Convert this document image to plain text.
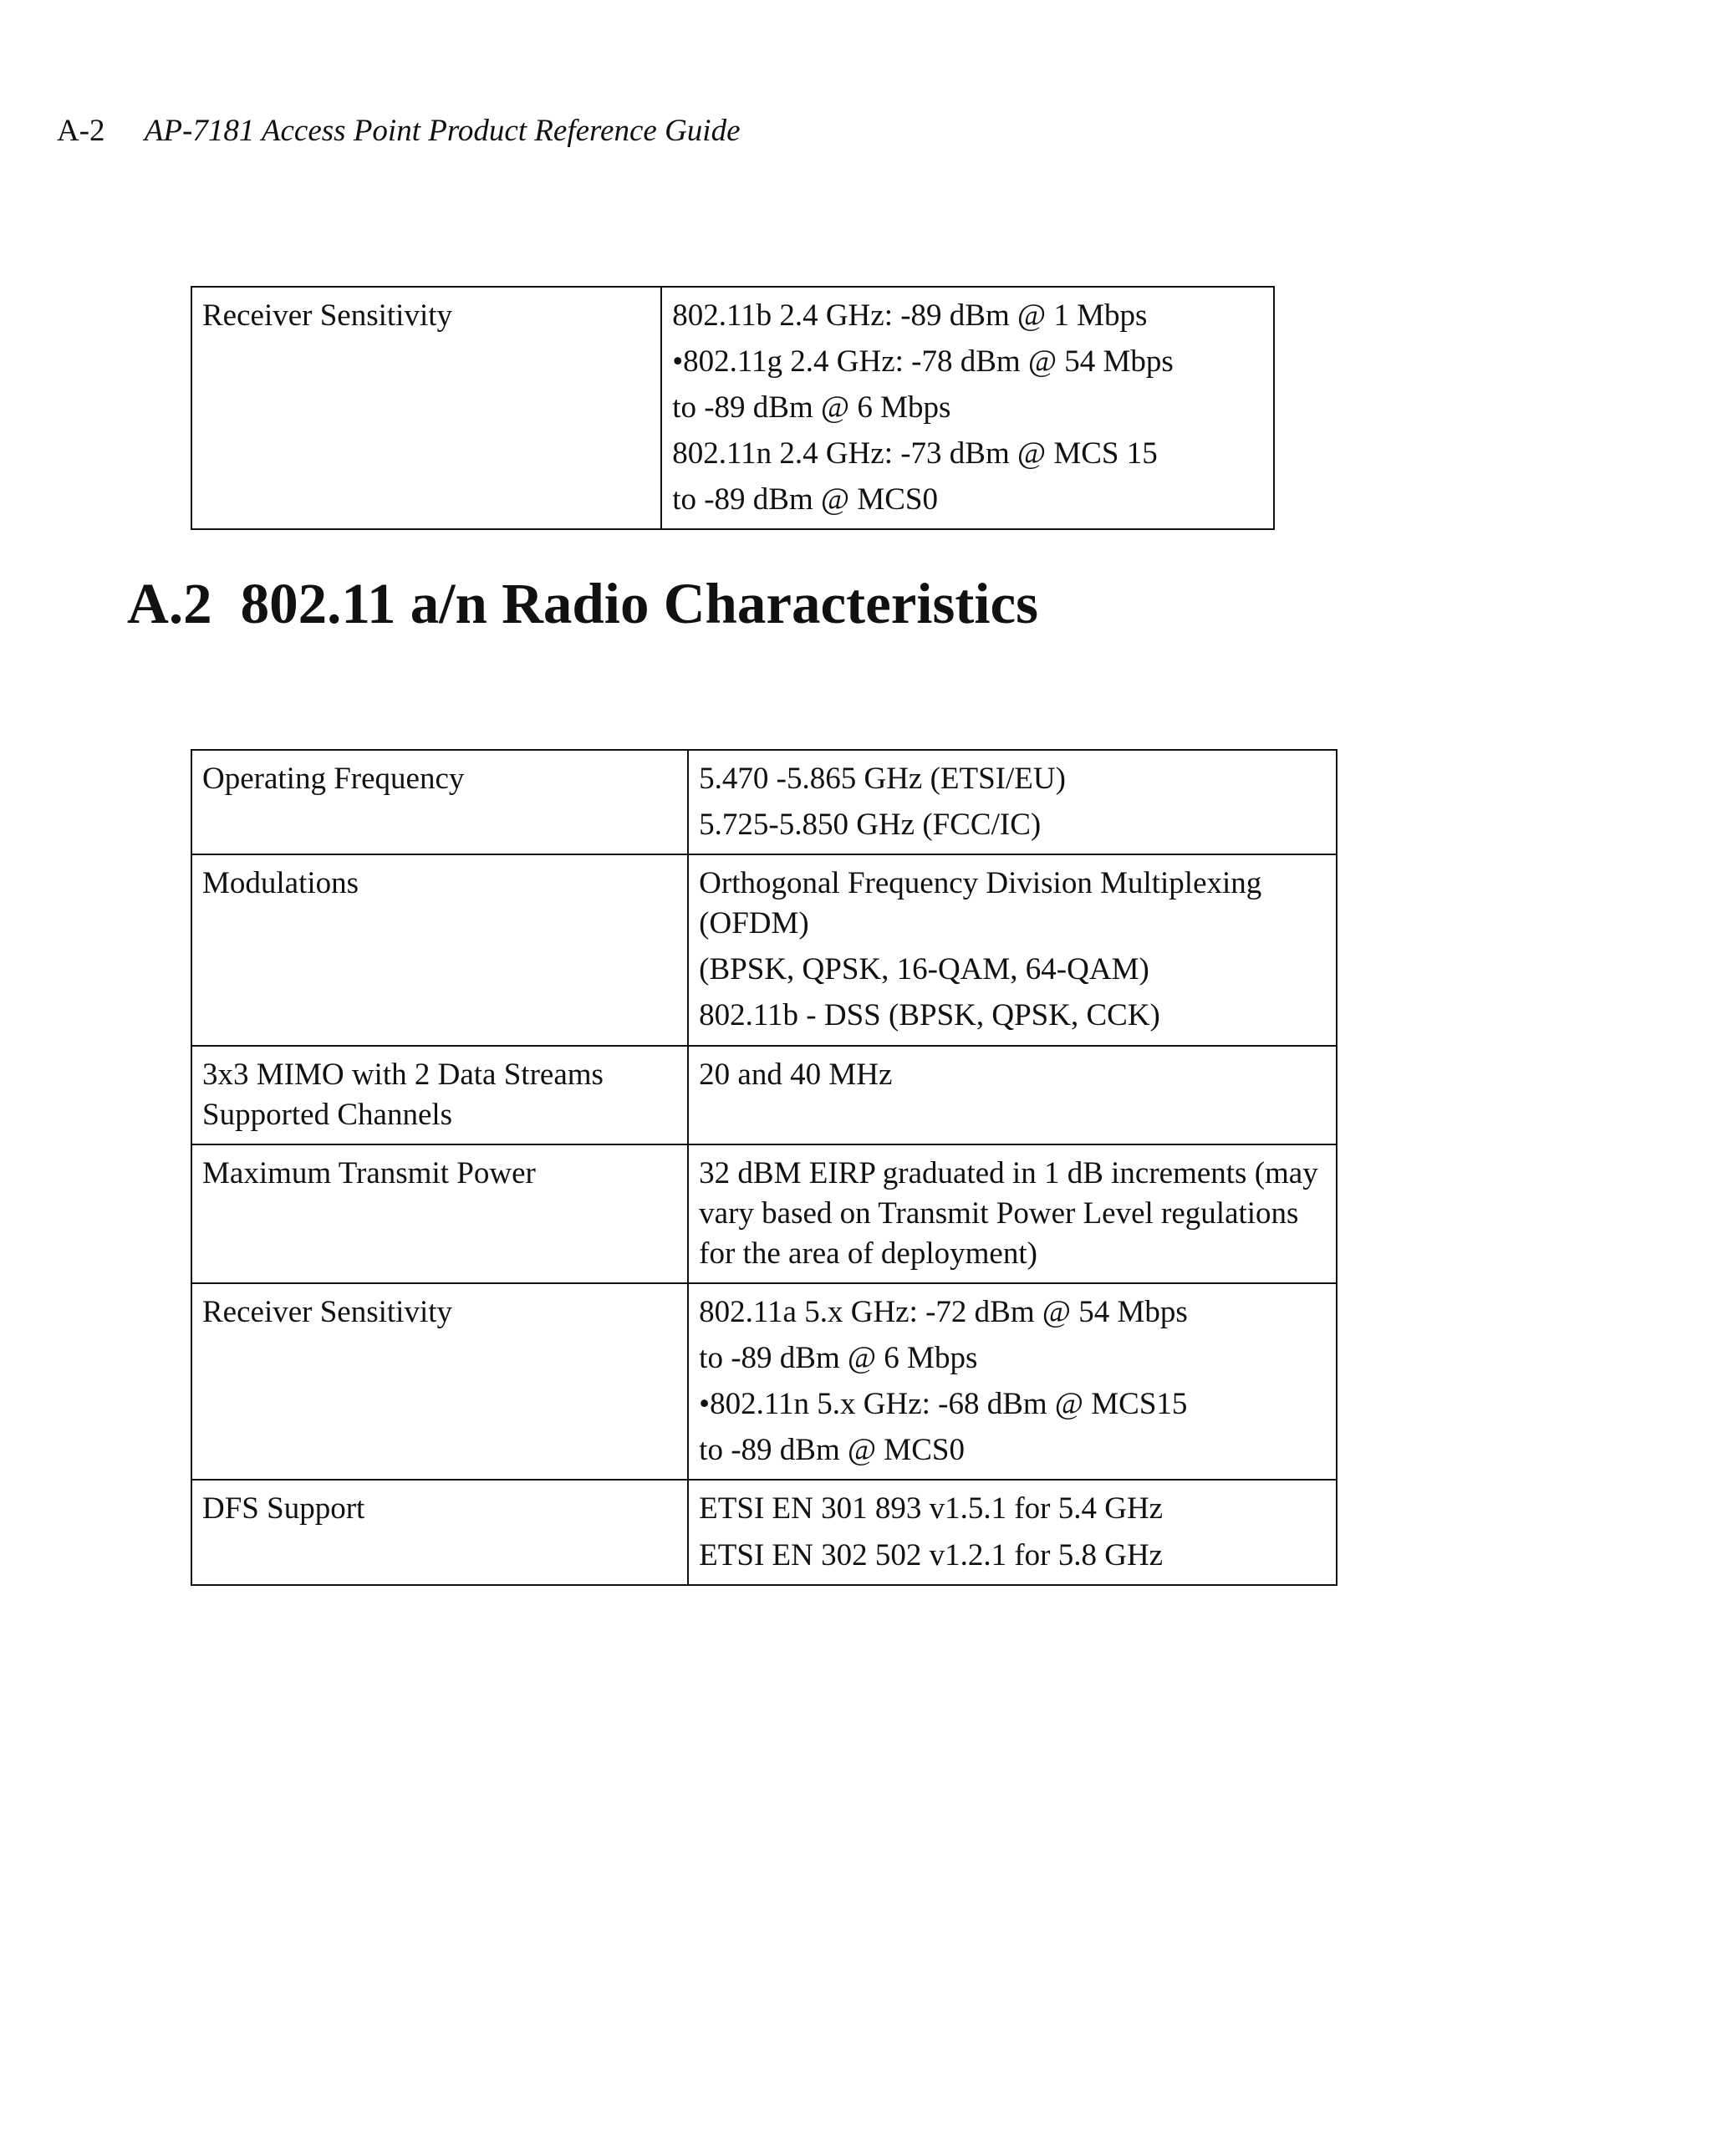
A-2 AP-7181 Access Point Product Reference Guide
Receiver Sensitivity	802.11b 2.4 GHz: -89 dBm @ 1 Mbps
•802.11g 2.4 GHz: -78 dBm @ 54 Mbps
to -89 dBm @ 6 Mbps
802.11n 2.4 GHz: -73 dBm @ MCS 15
to -89 dBm @ MCS0
A.2 802.11 a/n Radio Characteristics
Operating Frequency	5.470 -5.865 GHz (ETSI/EU)
5.725-5.850 GHz (FCC/IC)

Modulations	Orthogonal Frequency Division Multiplexing (OFDM)
(BPSK, QPSK, 16-QAM, 64-QAM)
802.11b - DSS (BPSK, QPSK, CCK)

3x3 MIMO with 2 Data Streams
Supported Channels	20 and 40 MHz

Maximum Transmit Power	32 dBM EIRP graduated in 1 dB increments (may vary based on Transmit Power Level regulations for the area of deployment)

Receiver Sensitivity	802.11a 5.x GHz: -72 dBm @ 54 Mbps
to -89 dBm @ 6 Mbps
•802.11n 5.x GHz: -68 dBm @ MCS15
to -89 dBm @ MCS0

DFS Support	ETSI EN 301 893 v1.5.1 for 5.4 GHz
ETSI EN 302 502 v1.2.1 for 5.8 GHz
